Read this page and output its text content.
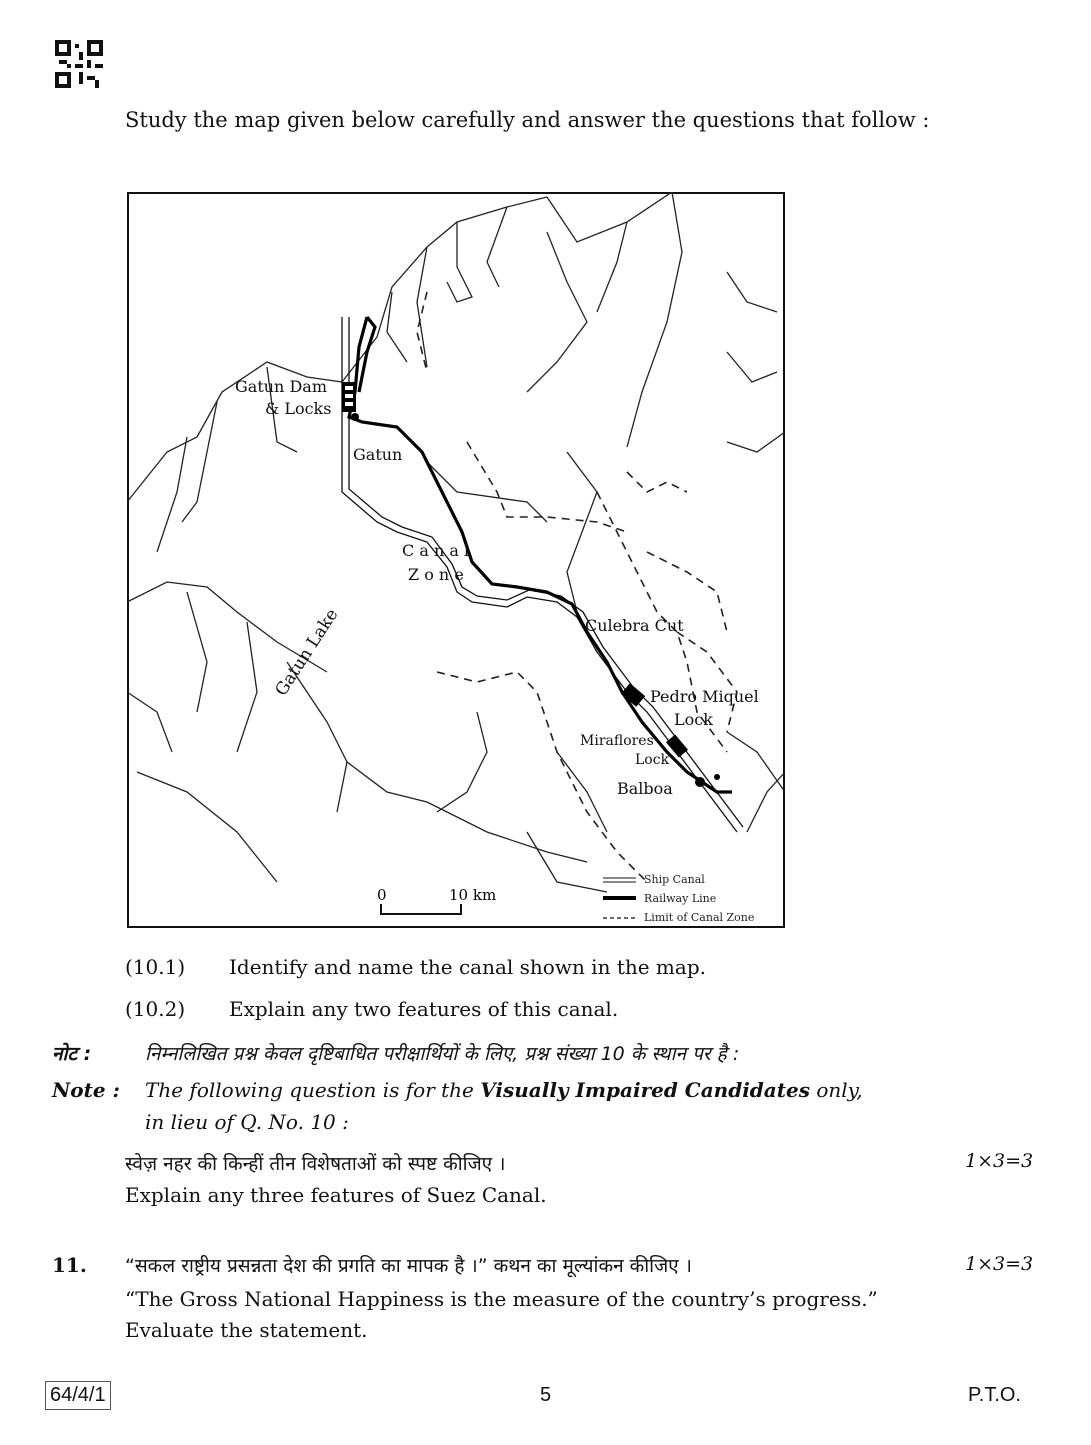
Study the map given below carefully and answer the questions that follow :
Gatun Dam
& Locks
Gatun
C a n a l
Z o n e
Gatun Lake	Culebra Cut
Pedro Miquel
Lock
Miraflores
Lock
Balboa
0	10 km
Ship Canal
Railway Line
Limit of Canal Zone
(10.1) Identify and name the canal shown in the map.
(10.2) Explain any two features of this canal.
नोट :	निम्नलिखित प्रश्न केवल दृष्टिबाधित परीक्षार्थियों के लिए, प्रश्न संख्या 10 के स्थान पर है :
Note : The following question is for the Visually Impaired Candidates only,
in lieu of Q. No. 10 :
स्वेज़ नहर की किन्हीं तीन विशेषताओं को स्पष्ट कीजिए ।	1×3=3
Explain any three features of Suez Canal.
11. “सकल राष्ट्रीय प्रसन्नता देश की प्रगति का मापक है ।” कथन का मूल्यांकन कीजिए ।	1×3=3
“The Gross National Happiness is the measure of the country’s progress.”
Evaluate the statement.
64/4/1	5	P.T.O.
